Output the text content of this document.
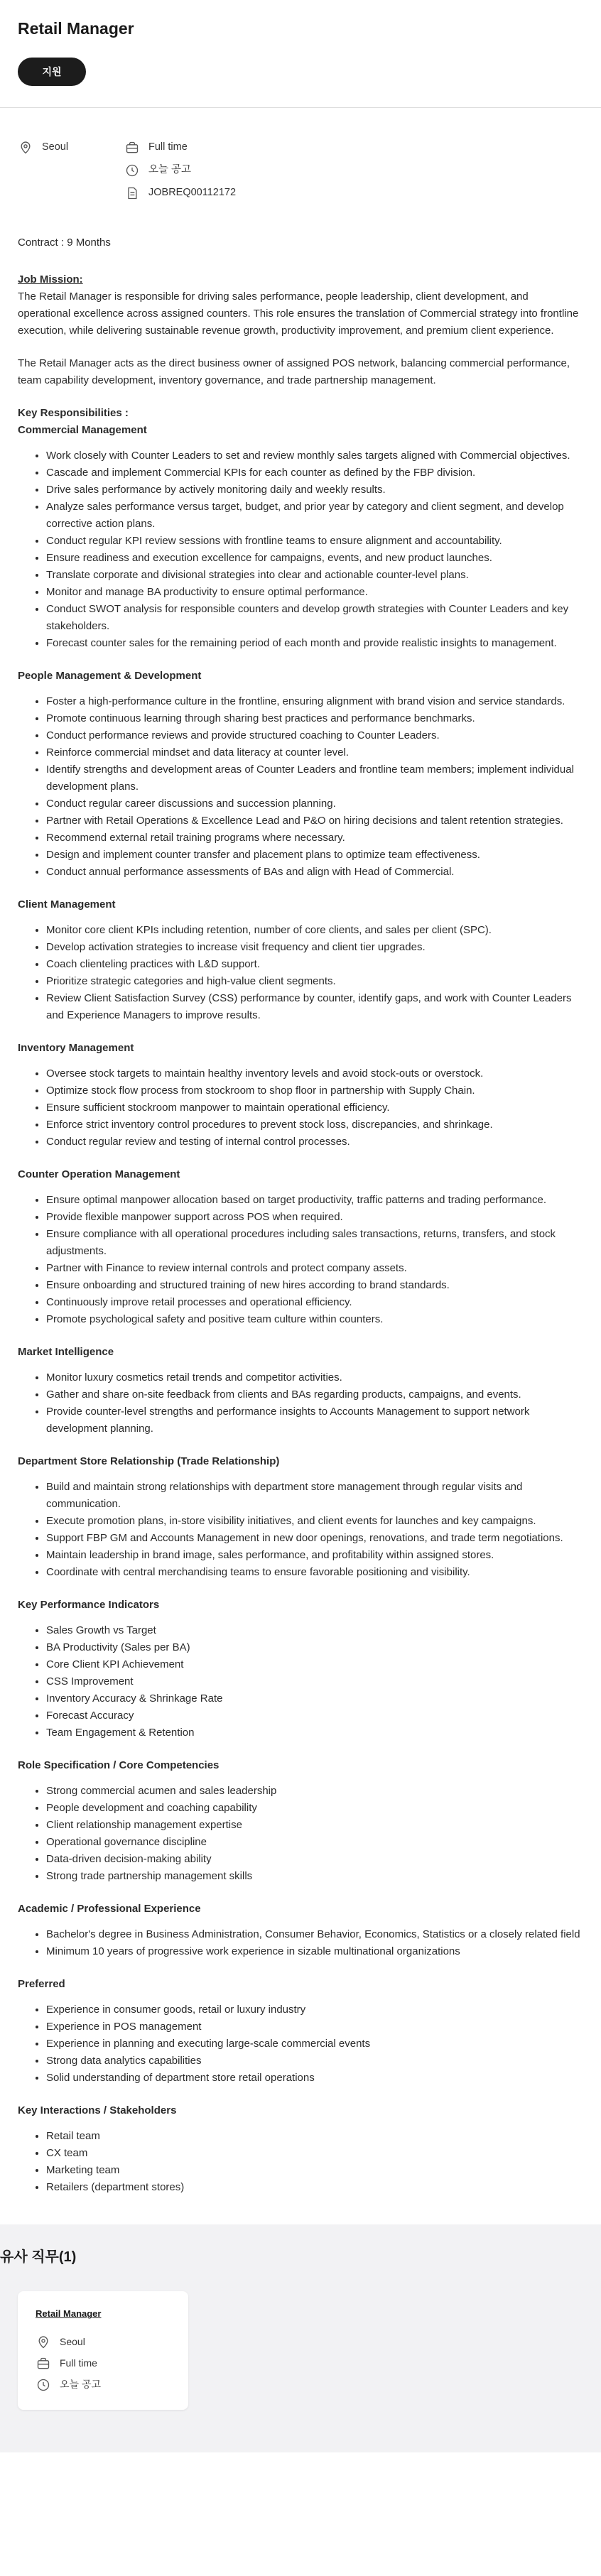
Retail Manager
지원
Seoul	Full time
오늘 공고
JOBREQ00112172
Contract : 9 Months
Job Mission:

The Retail Manager is responsible for driving sales performance, people leadership, client development, and operational excellence across assigned counters. This role ensures the translation of Commercial strategy into frontline execution, while delivering sustainable revenue growth, productivity improvement, and premium client experience.

The Retail Manager acts as the direct business owner of assigned POS network, balancing commercial performance, team capability development, inventory governance, and trade partnership management.

Key Responsibilities :
Commercial Management
• Work closely with Counter Leaders to set and review monthly sales targets aligned with Commercial objectives.
• Cascade and implement Commercial KPIs for each counter as defined by the FBP division.
• Drive sales performance by actively monitoring daily and weekly results.
• Analyze sales performance versus target, budget, and prior year by category and client segment, and develop corrective action plans.
• Conduct regular KPI review sessions with frontline teams to ensure alignment and accountability.
• Ensure readiness and execution excellence for campaigns, events, and new product launches.
• Translate corporate and divisional strategies into clear and actionable counter-level plans.
• Monitor and manage BA productivity to ensure optimal performance.
• Conduct SWOT analysis for responsible counters and develop growth strategies with Counter Leaders and key stakeholders.
• Forecast counter sales for the remaining period of each month and provide realistic insights to management.
People Management & Development
• Foster a high-performance culture in the frontline, ensuring alignment with brand vision and service standards.
• Promote continuous learning through sharing best practices and performance benchmarks.
• Conduct performance reviews and provide structured coaching to Counter Leaders.
• Reinforce commercial mindset and data literacy at counter level.
• Identify strengths and development areas of Counter Leaders and frontline team members; implement individual development plans.
• Conduct regular career discussions and succession planning.
• Partner with Retail Operations & Excellence Lead and P&O on hiring decisions and talent retention strategies.
• Recommend external retail training programs where necessary.
• Design and implement counter transfer and placement plans to optimize team effectiveness.
• Conduct annual performance assessments of BAs and align with Head of Commercial.
Client Management
• Monitor core client KPIs including retention, number of core clients, and sales per client (SPC).
• Develop activation strategies to increase visit frequency and client tier upgrades.
• Coach clienteling practices with L&D support.
• Prioritize strategic categories and high-value client segments.
• Review Client Satisfaction Survey (CSS) performance by counter, identify gaps, and work with Counter Leaders and Experience Managers to improve results.
Inventory Management
• Oversee stock targets to maintain healthy inventory levels and avoid stock-outs or overstock.
• Optimize stock flow process from stockroom to shop floor in partnership with Supply Chain.
• Ensure sufficient stockroom manpower to maintain operational efficiency.
• Enforce strict inventory control procedures to prevent stock loss, discrepancies, and shrinkage.
• Conduct regular review and testing of internal control processes.
Counter Operation Management
• Ensure optimal manpower allocation based on target productivity, traffic patterns and trading performance.
• Provide flexible manpower support across POS when required.
• Ensure compliance with all operational procedures including sales transactions, returns, transfers, and stock adjustments.
• Partner with Finance to review internal controls and protect company assets.
• Ensure onboarding and structured training of new hires according to brand standards.
• Continuously improve retail processes and operational efficiency.
• Promote psychological safety and positive team culture within counters.
Market Intelligence
• Monitor luxury cosmetics retail trends and competitor activities.
• Gather and share on-site feedback from clients and BAs regarding products, campaigns, and events.
• Provide counter-level strengths and performance insights to Accounts Management to support network development planning.
Department Store Relationship (Trade Relationship)
• Build and maintain strong relationships with department store management through regular visits and communication.
• Execute promotion plans, in-store visibility initiatives, and client events for launches and key campaigns.
• Support FBP GM and Accounts Management in new door openings, renovations, and trade term negotiations.
• Maintain leadership in brand image, sales performance, and profitability within assigned stores.
• Coordinate with central merchandising teams to ensure favorable positioning and visibility.
Key Performance Indicators
• Sales Growth vs Target
• BA Productivity (Sales per BA)
• Core Client KPI Achievement
• CSS Improvement
• Inventory Accuracy & Shrinkage Rate
• Forecast Accuracy
• Team Engagement & Retention
Role Specification / Core Competencies
• Strong commercial acumen and sales leadership
• People development and coaching capability
• Client relationship management expertise
• Operational governance discipline
• Data-driven decision-making ability
• Strong trade partnership management skills
Academic / Professional Experience
• Bachelor's degree in Business Administration, Consumer Behavior, Economics, Statistics or a closely related field
• Minimum 10 years of progressive work experience in sizable multinational organizations
Preferred
• Experience in consumer goods, retail or luxury industry
• Experience in POS management
• Experience in planning and executing large-scale commercial events
• Strong data analytics capabilities
• Solid understanding of department store retail operations
Key Interactions / Stakeholders
• Retail team
• CX team
• Marketing team
• Retailers (department stores)
유사 직무(1)
Retail Manager
Seoul
Full time
오늘 공고
